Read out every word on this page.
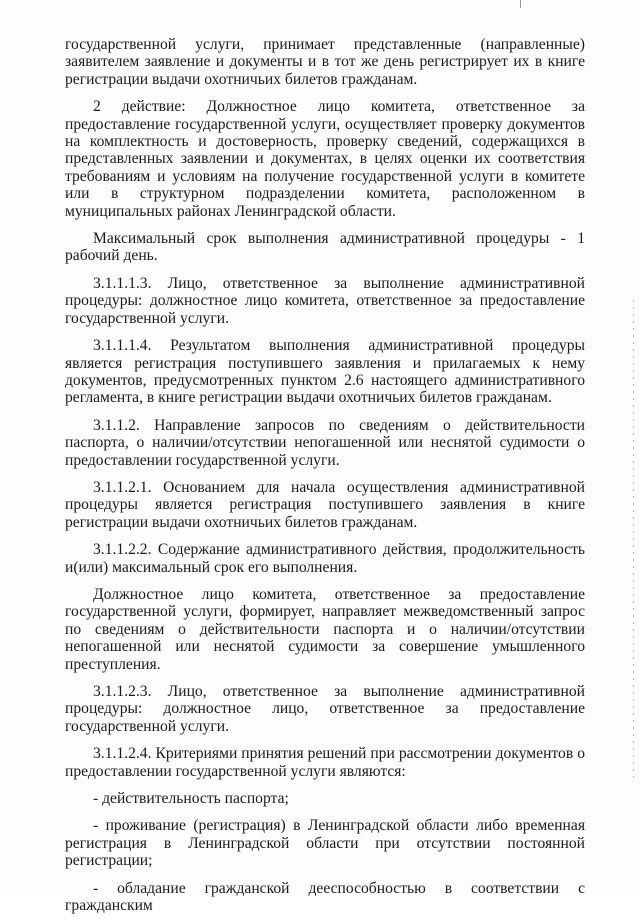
государственной услуги, принимает представленные (направленные) заявителем заявление и документы и в тот же день регистрирует их в книге регистрации выдачи охотничьих билетов гражданам.

2 действие: Должностное лицо комитета, ответственное за предоставление государственной услуги, осуществляет проверку документов на комплектность и достоверность, проверку сведений, содержащихся в представленных заявлении и документах, в целях оценки их соответствия требованиям и условиям на получение государственной услуги в комитете или в структурном подразделении комитета, расположенном в муниципальных районах Ленинградской области.

Максимальный срок выполнения административной процедуры - 1 рабочий день.

3.1.1.1.3. Лицо, ответственное за выполнение административной процедуры: должностное лицо комитета, ответственное за предоставление государственной услуги.

3.1.1.1.4. Результатом выполнения административной процедуры является регистрация поступившего заявления и прилагаемых к нему документов, предусмотренных пунктом 2.6 настоящего административного регламента, в книге регистрации выдачи охотничьих билетов гражданам.

3.1.1.2. Направление запросов по сведениям о действительности паспорта, о наличии/отсутствии непогашенной или неснятой судимости о предоставлении государственной услуги.

3.1.1.2.1. Основанием для начала осуществления административной процедуры является регистрация поступившего заявления в книге регистрации выдачи охотничьих билетов гражданам.

3.1.1.2.2. Содержание административного действия, продолжительность и(или) максимальный срок его выполнения.

Должностное лицо комитета, ответственное за предоставление государственной услуги, формирует, направляет межведомственный запрос по сведениям о действительности паспорта и о наличии/отсутствии непогашенной или неснятой судимости за совершение умышленного преступления.

3.1.1.2.3. Лицо, ответственное за выполнение административной процедуры: должностное лицо, ответственное за предоставление государственной услуги.

3.1.1.2.4. Критериями принятия решений при рассмотрении документов о предоставлении государственной услуги являются:

- действительность паспорта;

- проживание (регистрация) в Ленинградской области либо временная регистрация в Ленинградской области при отсутствии постоянной регистрации;

- обладание гражданской дееспособностью в соответствии с гражданским
